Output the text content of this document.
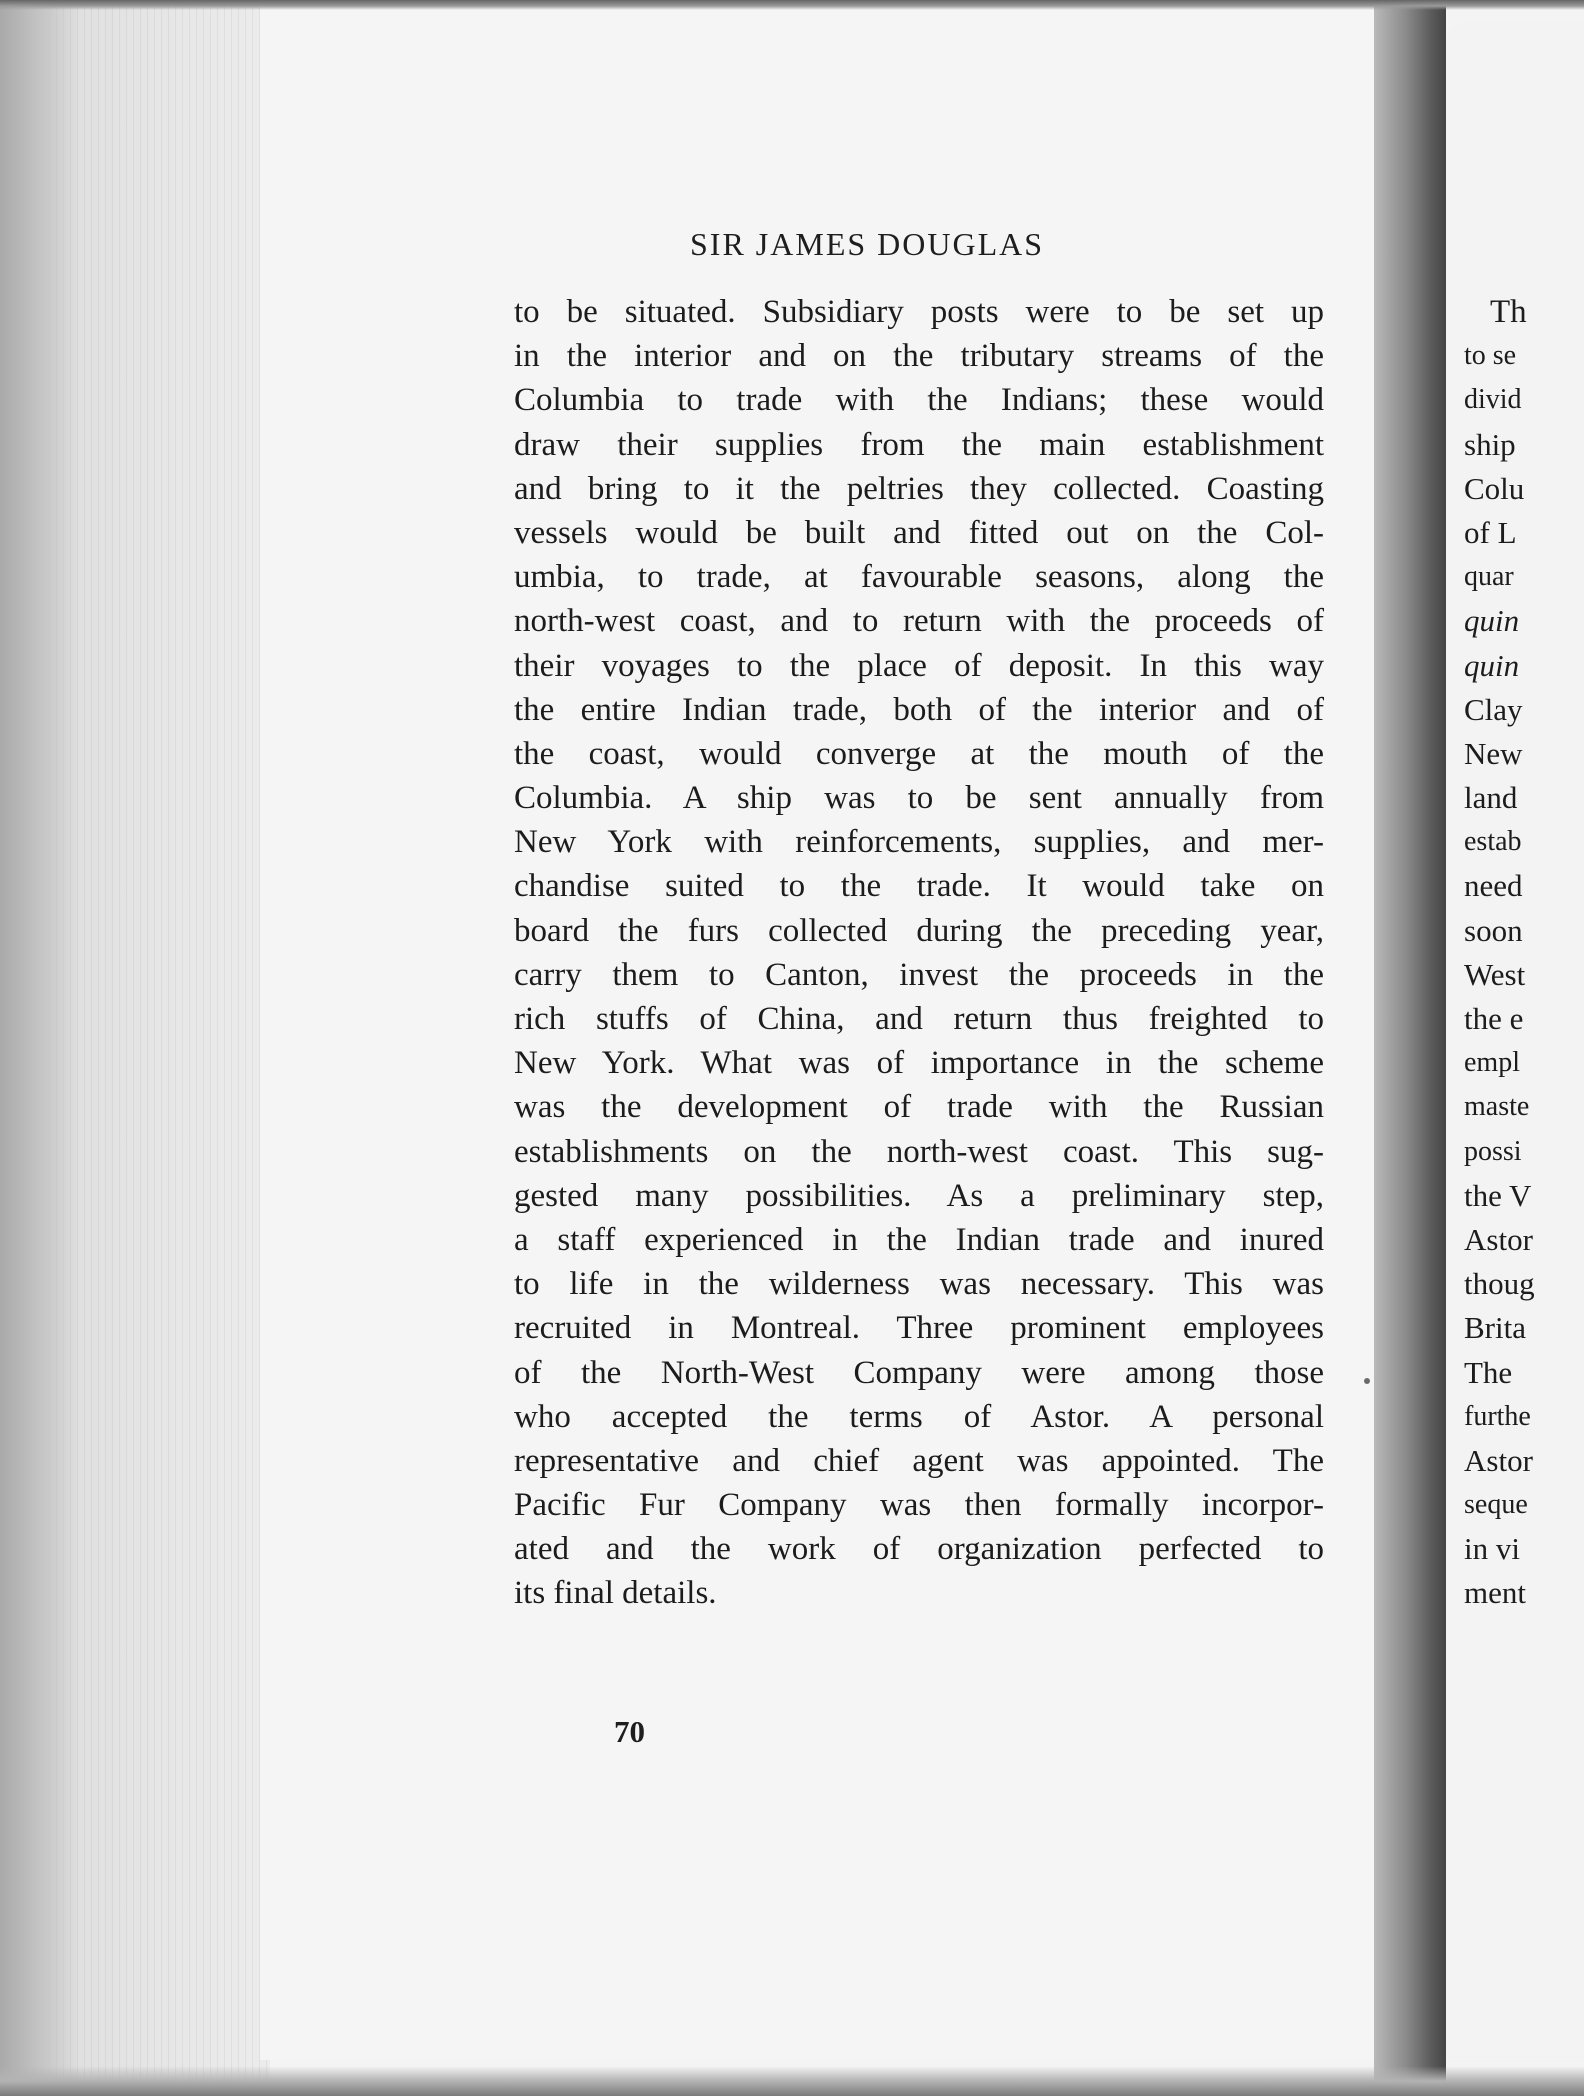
SIR JAMES DOUGLAS
to be situated. Subsidiary posts were to be set up
in the interior and on the tributary streams of the
Columbia to trade with the Indians; these would
draw their supplies from the main establishment
and bring to it the peltries they collected. Coasting
vessels would be built and fitted out on the Col-
umbia, to trade, at favourable seasons, along the
north-west coast, and to return with the proceeds of
their voyages to the place of deposit. In this way
the entire Indian trade, both of the interior and of
the coast, would converge at the mouth of the
Columbia. A ship was to be sent annually from
New York with reinforcements, supplies, and mer-
chandise suited to the trade. It would take on
board the furs collected during the preceding year,
carry them to Canton, invest the proceeds in the
rich stuffs of China, and return thus freighted to
New York. What was of importance in the scheme
was the development of trade with the Russian
establishments on the north-west coast. This sug-
gested many possibilities. As a preliminary step,
a staff experienced in the Indian trade and inured
to life in the wilderness was necessary. This was
recruited in Montreal. Three prominent employees
of the North-West Company were among those
who accepted the terms of Astor. A personal
representative and chief agent was appointed. The
Pacific Fur Company was then formally incorpor-
ated and the work of organization perfected to
its final details.
70
Th
to se
divid
ship
Colu
of L
quar
quin
quin
Clay
New
land
estab
need
soon
West
the e
empl
maste
possi
the V
Astor
thoug
Brita
The
furthe
Astor
seque
in vi
ment
